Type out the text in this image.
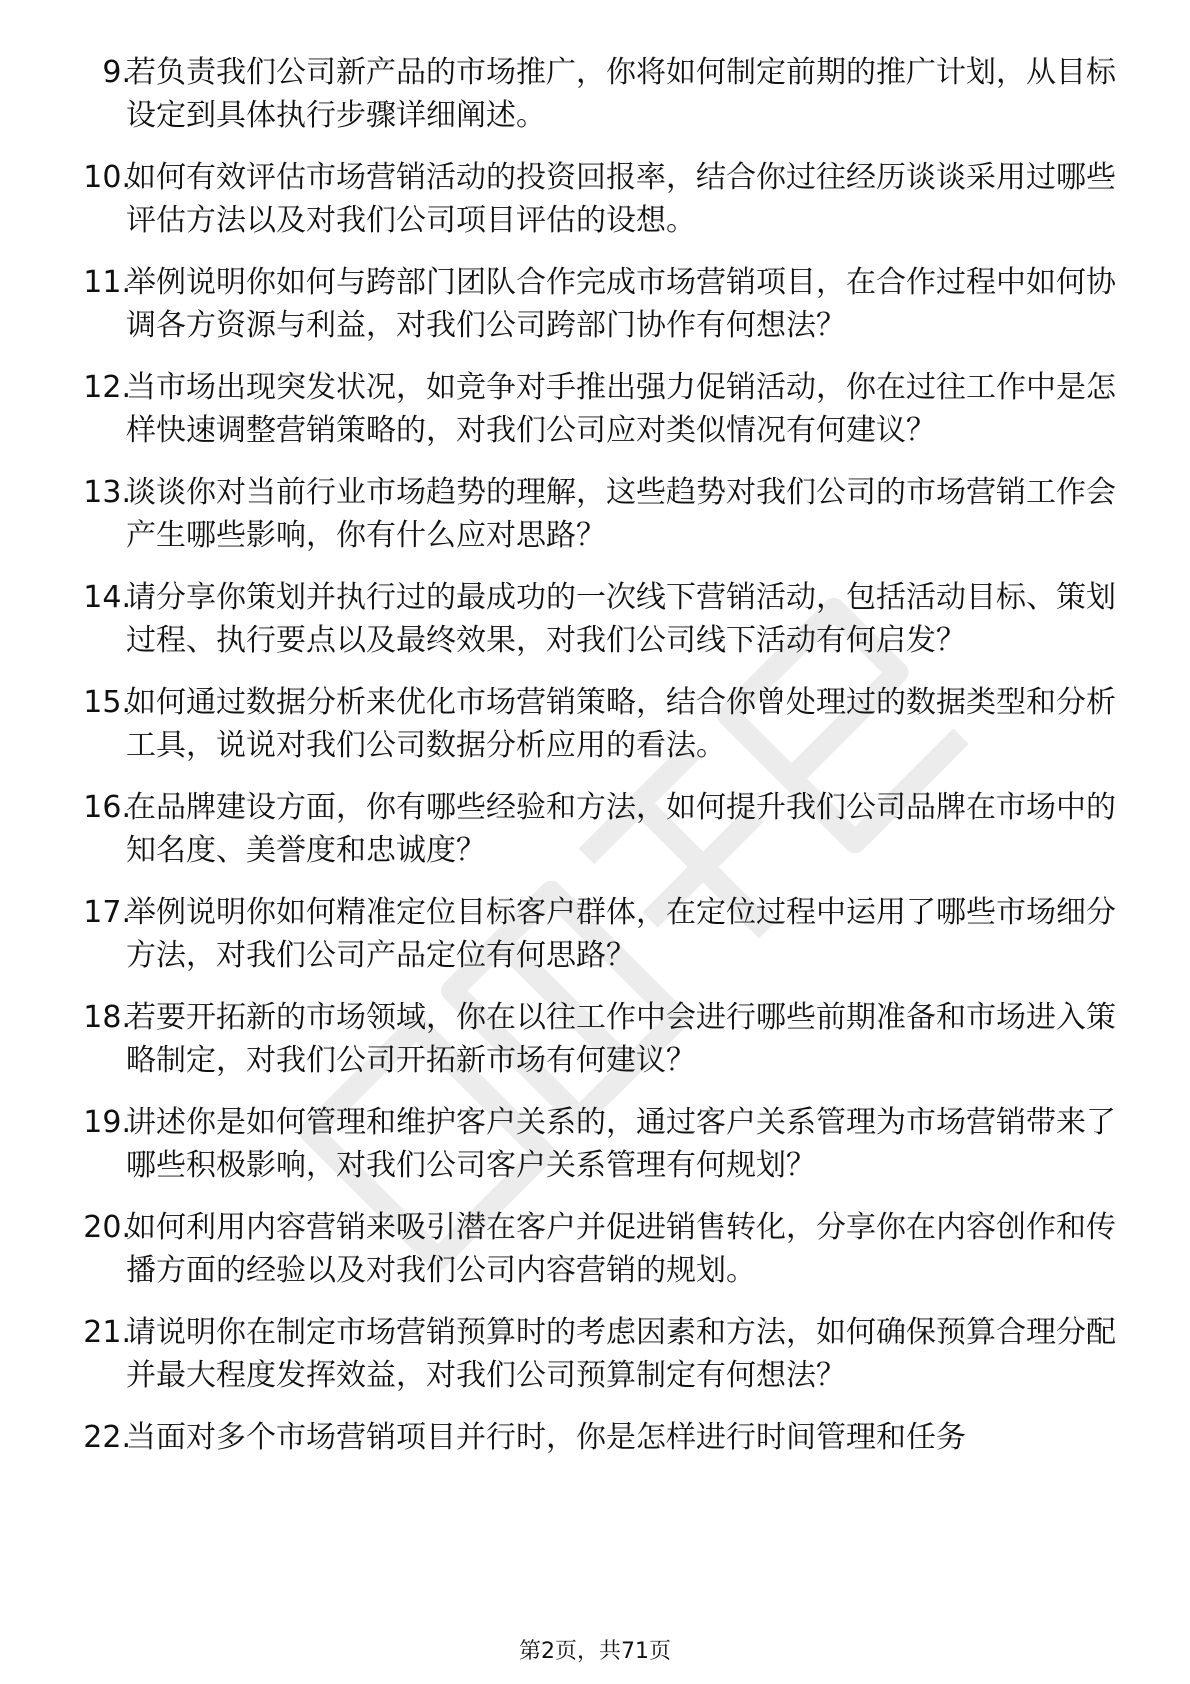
9.
若负责我们公司新产品的市场推广，你将如何制定前期的推广计划，从目标设定到具体执行步骤详细阐述。
10.
如何有效评估市场营销活动的投资回报率，结合你过往经历谈谈采用过哪些评估方法以及对我们公司项目评估的设想。
11.
举例说明你如何与跨部门团队合作完成市场营销项目，在合作过程中如何协调各方资源与利益，对我们公司跨部门协作有何想法？
12.
当市场出现突发状况，如竞争对手推出强力促销活动，你在过往工作中是怎样快速调整营销策略的，对我们公司应对类似情况有何建议？
13.
谈谈你对当前行业市场趋势的理解，这些趋势对我们公司的市场营销工作会产生哪些影响，你有什么应对思路？
14.
请分享你策划并执行过的最成功的一次线下营销活动，包括活动目标、策划过程、执行要点以及最终效果，对我们公司线下活动有何启发？
15.
如何通过数据分析来优化市场营销策略，结合你曾处理过的数据类型和分析工具，说说对我们公司数据分析应用的看法。
16.
在品牌建设方面，你有哪些经验和方法，如何提升我们公司品牌在市场中的知名度、美誉度和忠诚度？
17.
举例说明你如何精准定位目标客户群体，在定位过程中运用了哪些市场细分方法，对我们公司产品定位有何思路？
18.
若要开拓新的市场领域，你在以往工作中会进行哪些前期准备和市场进入策略制定，对我们公司开拓新市场有何建议？
19.
讲述你是如何管理和维护客户关系的，通过客户关系管理为市场营销带来了哪些积极影响，对我们公司客户关系管理有何规划？
20.
如何利用内容营销来吸引潜在客户并促进销售转化，分享你在内容创作和传播方面的经验以及对我们公司内容营销的规划。
21.
请说明你在制定市场营销预算时的考虑因素和方法，如何确保预算合理分配并最大程度发挥效益，对我们公司预算制定有何想法？
22.
当面对多个市场营销项目并行时，你是怎样进行时间管理和任务
第2页，共71页
